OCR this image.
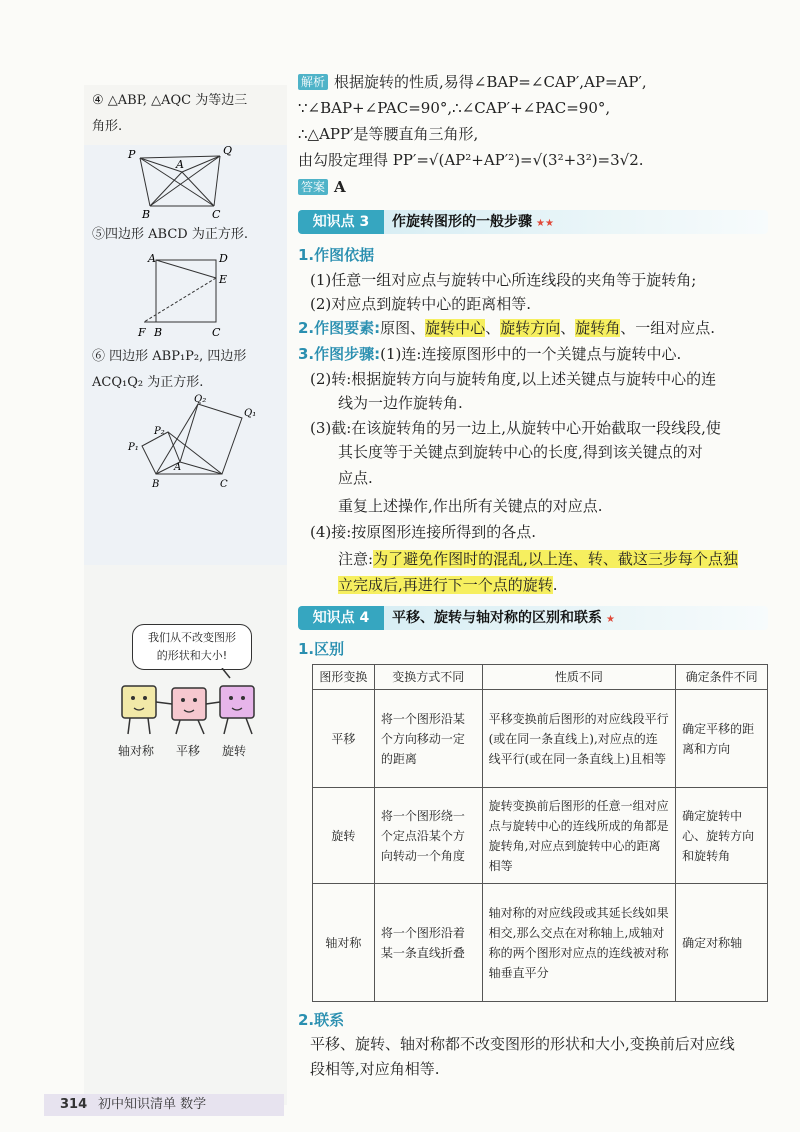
④ △ABP, △AQC 为等边三
角形.
P	Q
A
B	C
⑤四边形 ABCD 为正方形.
A	D
E
F B	C
⑥ 四边形 ABP₁P₂, 四边形
ACQ₁Q₂ 为正方形.
Q₂
P₂
Q₁
P₁
A
B	C
我们从不改变图形
的形状和大小!
轴对称 平移 旋转
解析 根据旋转的性质,易得∠BAP=∠CAP′,AP=AP′,
∵∠BAP+∠PAC=90°,∴∠CAP′+∠PAC=90°,
∴△APP′是等腰直角三角形,
由勾股定理得 PP′=√(AP²+AP′²)=√(3²+3²)=3√2.
答案 A
知识点 3	作旋转图形的一般步骤 ★★
1.作图依据
(1)任意一组对应点与旋转中心所连线段的夹角等于旋转角;
(2)对应点到旋转中心的距离相等.
2.作图要素:原图、旋转中心、旋转方向、旋转角、一组对应点.
3.作图步骤:(1)连:连接原图形中的一个关键点与旋转中心.
(2)转:根据旋转方向与旋转角度,以上述关键点与旋转中心的连
线为一边作旋转角.
(3)截:在该旋转角的另一边上,从旋转中心开始截取一段线段,使
其长度等于关键点到旋转中心的长度,得到该关键点的对
应点.
重复上述操作,作出所有关键点的对应点.
(4)接:按原图形连接所得到的各点.
注意:为了避免作图时的混乱,以上连、转、截这三步每个点独
立完成后,再进行下一个点的旋转.
知识点 4	平移、旋转与轴对称的区别和联系 ★
1.区别
图形变换	变换方式不同	性质不同	确定条件不同
平移	将一个图形沿某个方向移动一定的距离	平移变换前后图形的对应线段平行(或在同一条直线上),对应点的连线平行(或在同一条直线上)且相等	确定平移的距离和方向
旋转	将一个图形绕一个定点沿某个方向转动一个角度	旋转变换前后图形的任意一组对应点与旋转中心的连线所成的角都是旋转角,对应点到旋转中心的距离相等	确定旋转中心、旋转方向和旋转角
轴对称	将一个图形沿着某一条直线折叠	轴对称的对应线段或其延长线如果相交,那么交点在对称轴上,成轴对称的两个图形对应点的连线被对称轴垂直平分	确定对称轴
2.联系
平移、旋转、轴对称都不改变图形的形状和大小,变换前后对应线
段相等,对应角相等.
314 初中知识清单 数学
